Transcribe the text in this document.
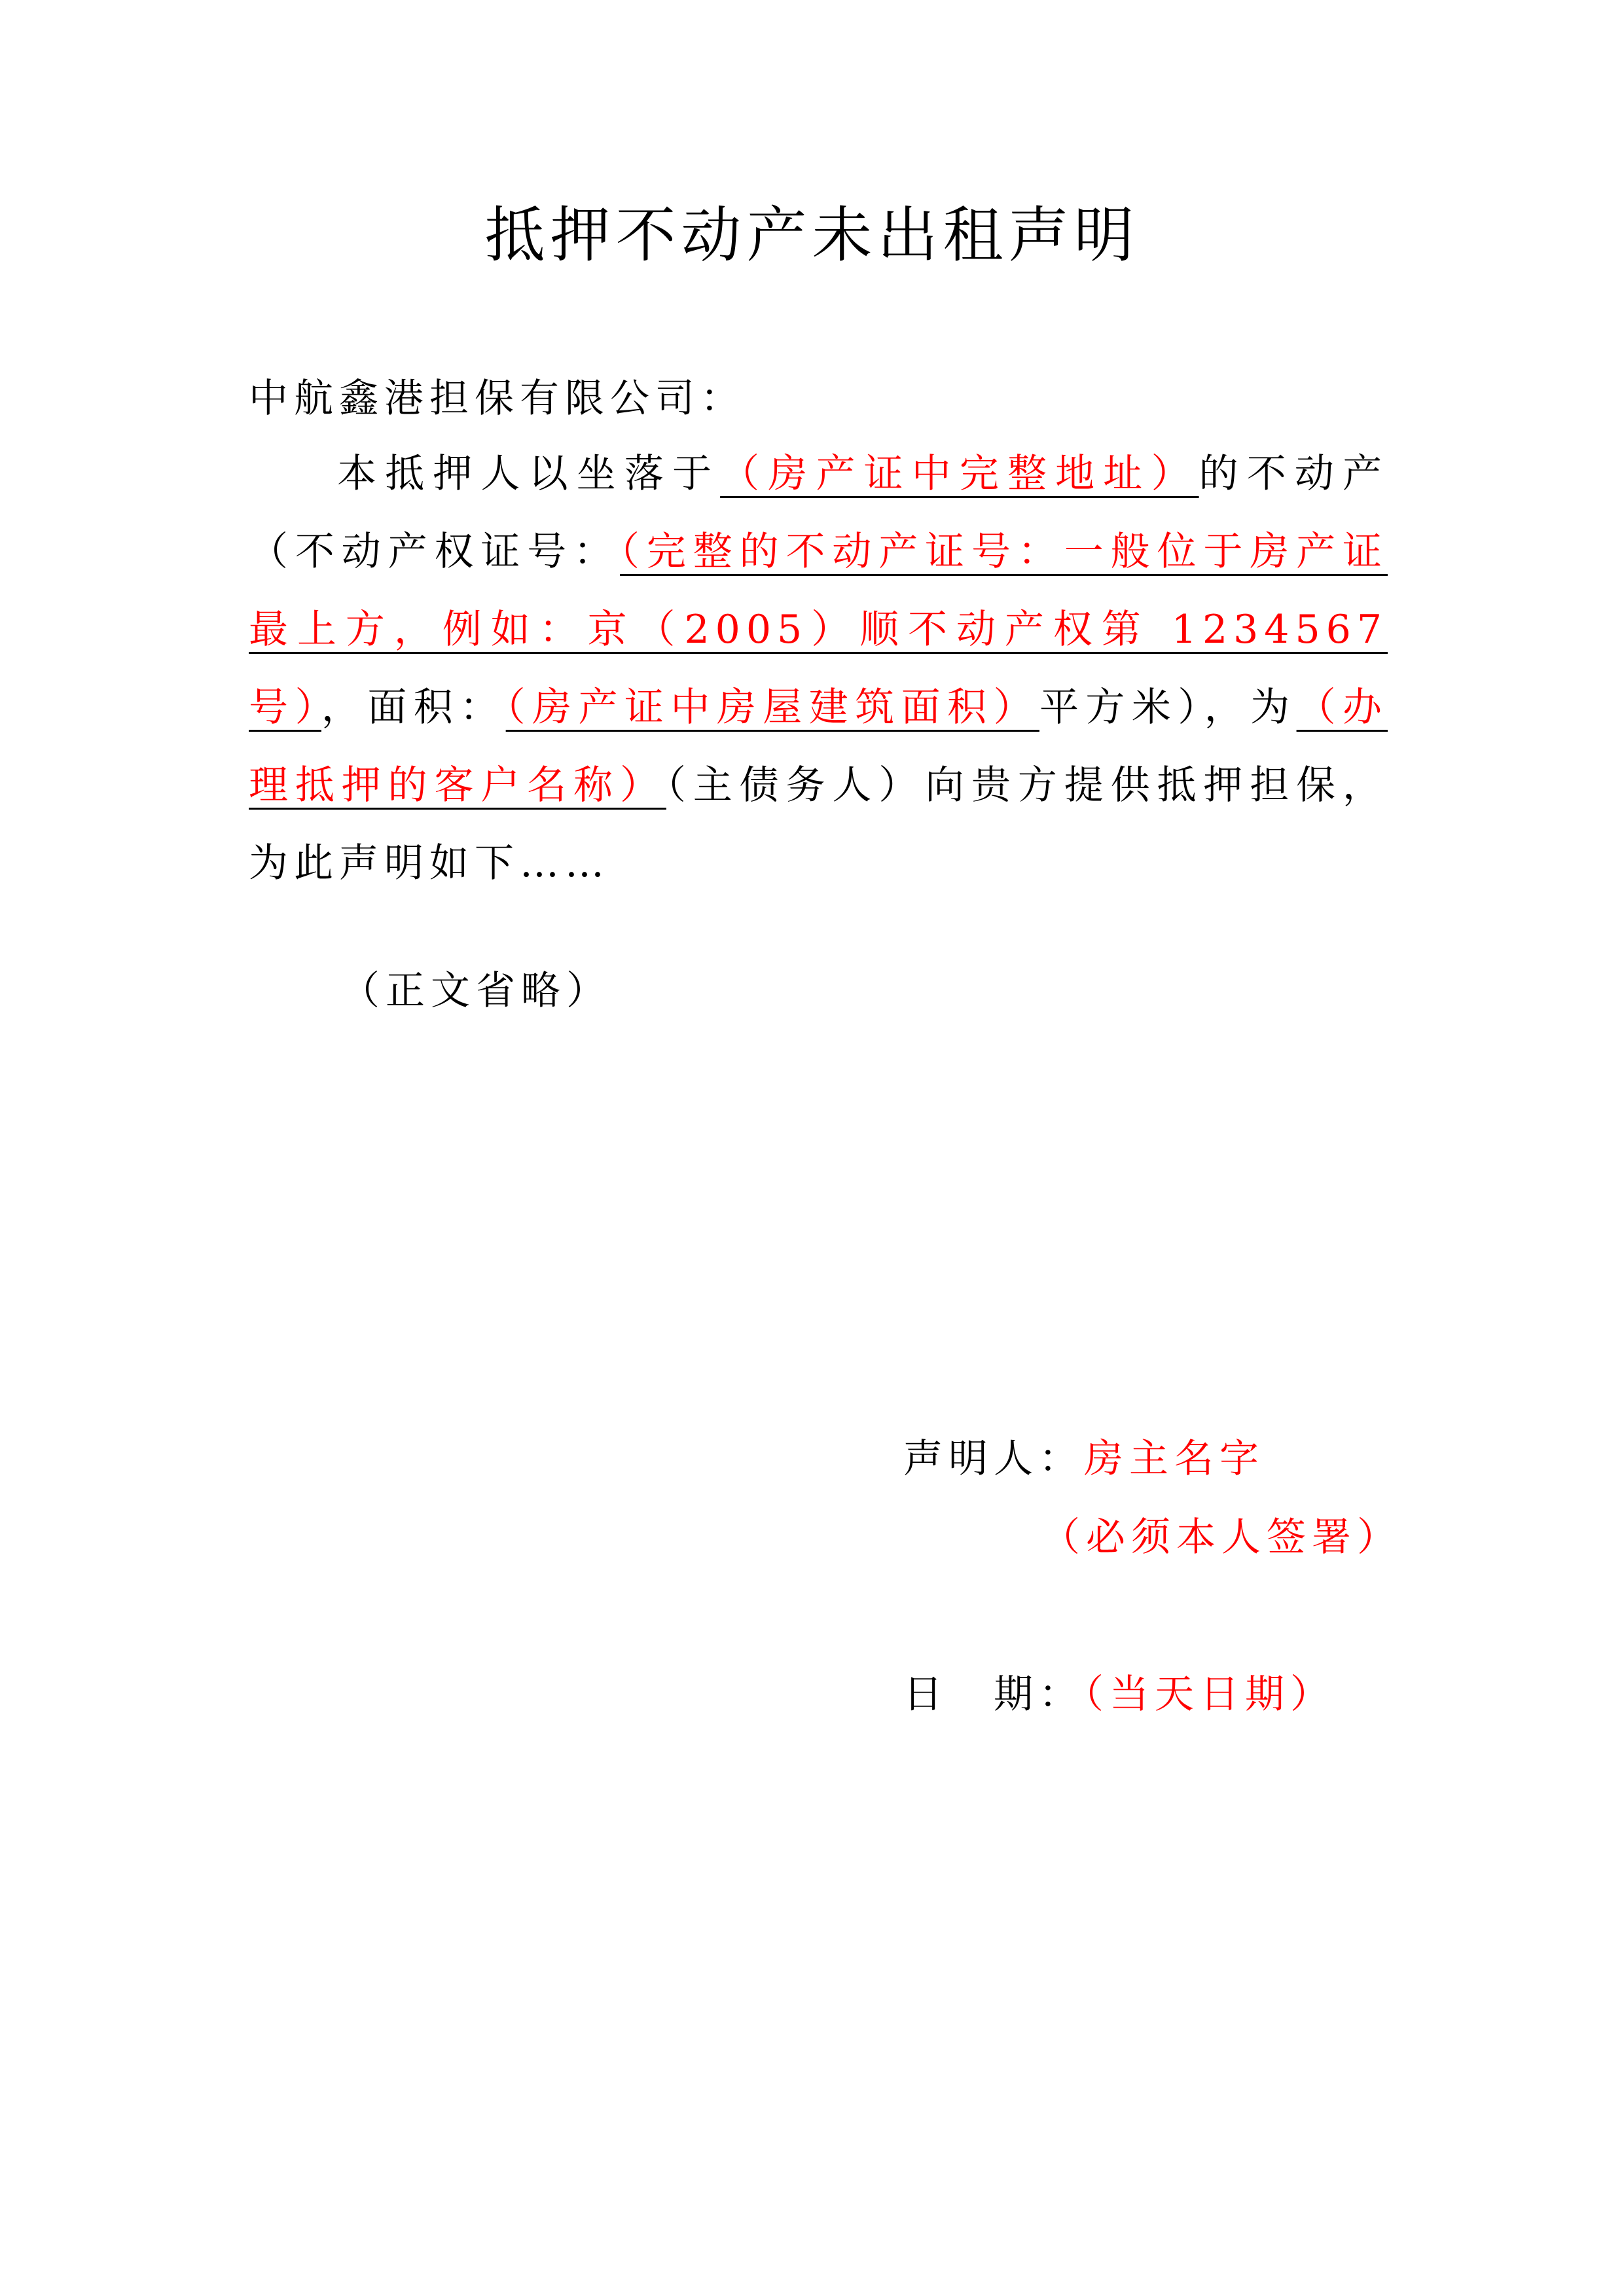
抵押不动产未出租声明
中航鑫港担保有限公司：
本抵押人以坐落于（房产证中完整地址）的不动产（不动产权证号：（完整的不动产证号：一般位于房产证最上方，例如：京（2005）顺不动产权第 1234567 号），面积：（房产证中房屋建筑面积）平方米），为（办理抵押的客户名称）（主债务人）向贵方提供抵押担保，为此声明如下……
（正文省略）
声明人：房主名字
（必须本人签署）
日　期：（当天日期）
